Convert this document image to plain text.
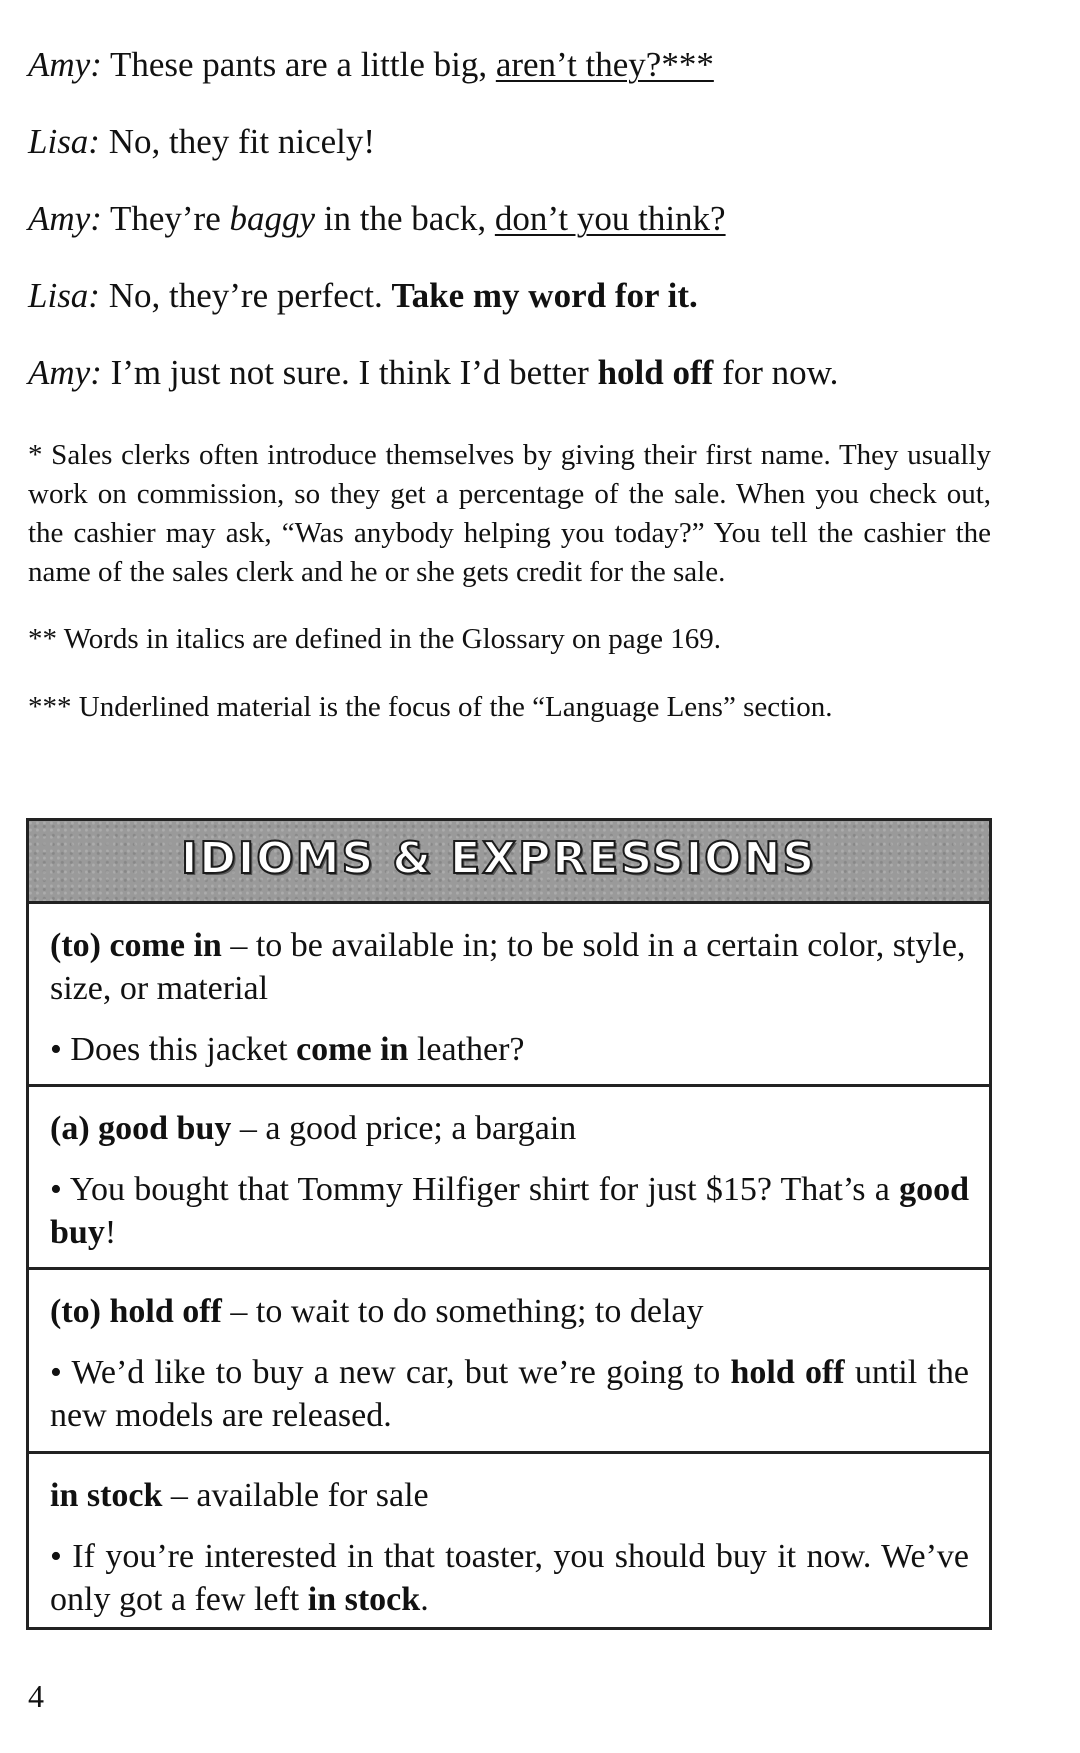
Amy: These pants are a little big, aren’t they?***
Lisa: No, they fit nicely!
Amy: They’re baggy in the back, don’t you think?
Lisa: No, they’re perfect. Take my word for it.
Amy: I’m just not sure. I think I’d better hold off for now.

* Sales clerks often introduce themselves by giving their first name. They usually work on commission, so they get a percentage of the sale. When you check out, the cashier may ask, “Was anybody helping you today?” You tell the cashier the name of the sales clerk and he or she gets credit for the sale.

** Words in italics are defined in the Glossary on page 169.

*** Underlined material is the focus of the “Language Lens” section.

IDIOMS & EXPRESSIONS

(to) come in – to be available in; to be sold in a certain color, style, size, or material

• Does this jacket come in leather?

(a) good buy – a good price; a bargain

• You bought that Tommy Hilfiger shirt for just $15? That’s a good buy!

(to) hold off – to wait to do something; to delay

• We’d like to buy a new car, but we’re going to hold off until the new models are released.

in stock – available for sale

• If you’re interested in that toaster, you should buy it now. We’ve only got a few left in stock.

4
